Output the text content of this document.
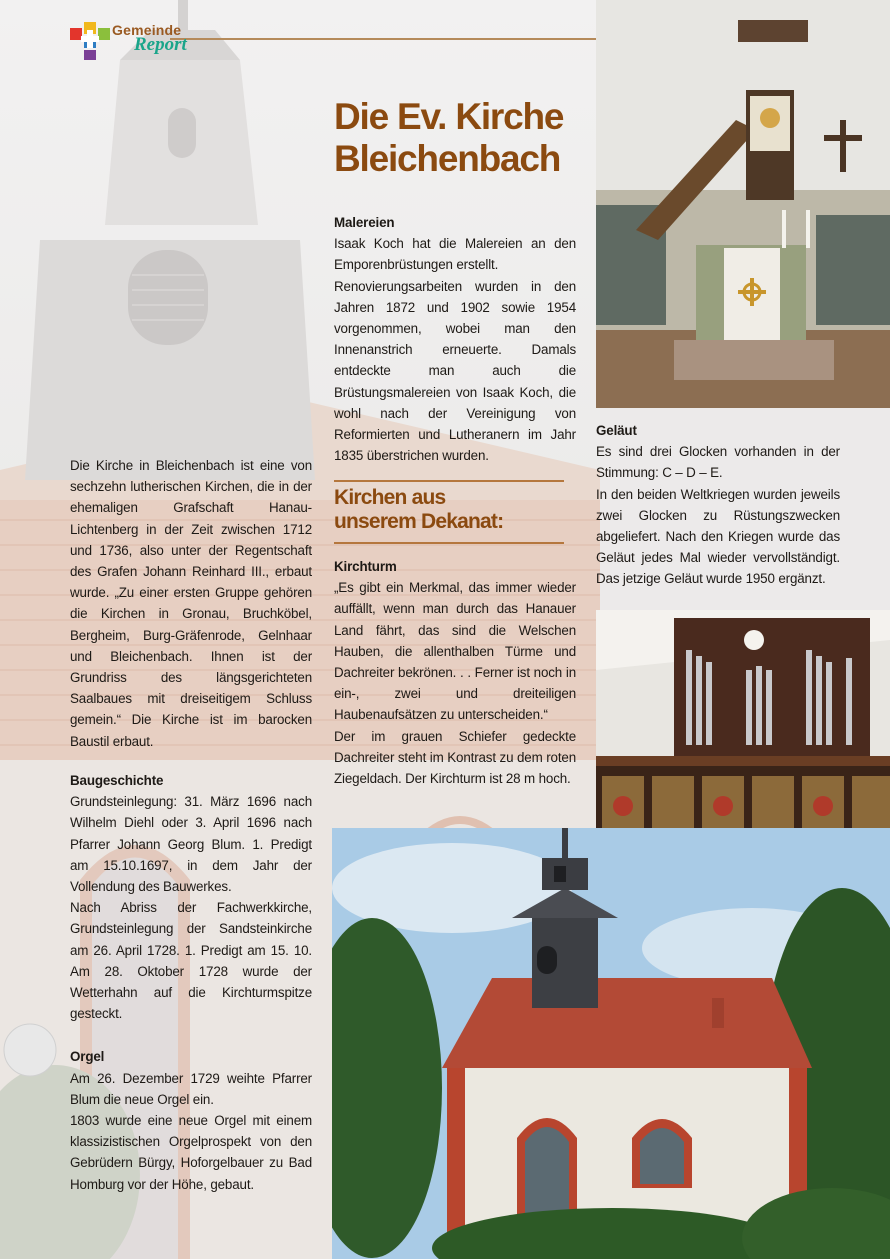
Gemeinde
Report
Die Ev. Kirche
Bleichenbach

Die Kirche in Bleichenbach ist eine von sechzehn lutherischen Kirchen, die in der ehemaligen Grafschaft Hanau-Lichtenberg in der Zeit zwischen 1712 und 1736, also unter der Regentschaft des Grafen Johann Reinhard III., erbaut wurde. „Zu einer ersten Gruppe gehören die Kirchen in Gronau, Bruchköbel, Bergheim, Burg-Gräfenrode, Gelnhaar und Bleichenbach. Ihnen ist der Grundriss des längsgerichteten Saalbaues mit dreiseitigem Schluss gemein.“ Die Kirche ist im barocken Baustil erbaut.

Baugeschichte

Grundsteinlegung: 31. März 1696 nach Wilhelm Diehl oder 3. April 1696 nach Pfarrer Johann Georg Blum. 1. Predigt am 15.10.1697, in dem Jahr der Vollendung des Bauwerkes.

Nach Abriss der Fachwerkkirche, Grundsteinlegung der Sandsteinkirche am 26. April 1728. 1. Predigt am 15. 10. Am 28. Oktober 1728 wurde der Wetterhahn auf die Kirchturmspitze gesteckt.

Orgel

Am 26. Dezember 1729 weihte Pfarrer Blum die neue Orgel ein.

1803 wurde eine neue Orgel mit einem klassizistischen Orgelprospekt von den Gebrüdern Bürgy, Hoforgelbauer zu Bad Homburg vor der Höhe, gebaut.

Malereien

Isaak Koch hat die Malereien an den Emporenbrüstungen erstellt.

Renovierungsarbeiten wurden in den Jahren 1872 und 1902 sowie 1954 vorgenommen, wobei man den Innenanstrich erneuerte. Damals entdeckte man auch die Brüstungsmalereien von Isaak Koch, die wohl nach der Vereinigung von Reformierten und Lutheranern im Jahr 1835 überstrichen wurden.

Kirchen aus
unserem Dekanat:
Kirchturm

„Es gibt ein Merkmal, das immer wieder auffällt, wenn man durch das Hanauer Land fährt, das sind die Welschen Hauben, die allenthalben Türme und Dachreiter bekrönen. . . Ferner ist noch in ein-, zwei und dreiteiligen Haubenaufsätzen zu unterscheiden.“

Der im grauen Schiefer gedeckte Dachreiter steht im Kontrast zu dem roten Ziegeldach. Der Kirchturm ist 28 m hoch.

Geläut

Es sind drei Glocken vorhanden in der Stimmung: C – D – E.

In den beiden Weltkriegen wurden jeweils zwei Glocken zu Rüstungszwecken abgeliefert. Nach den Kriegen wurde das Geläut jedes Mal wieder vervollständigt. Das jetzige Geläut wurde 1950 ergänzt.
